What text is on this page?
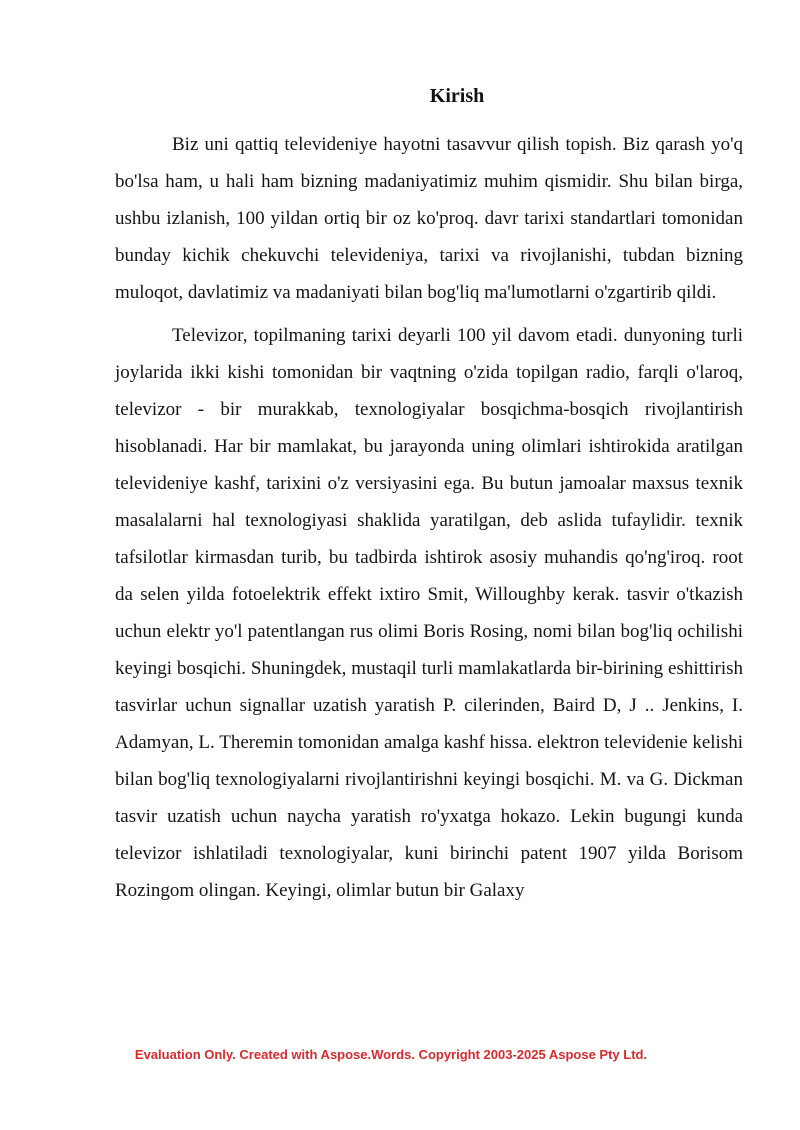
Kirish

Biz uni qattiq televideniye hayotni tasavvur qilish topish. Biz qarash yo'q bo'lsa ham, u hali ham bizning madaniyatimiz muhim qismidir. Shu bilan birga, ushbu izlanish, 100 yildan ortiq bir oz ko'proq. davr tarixi standartlari tomonidan bunday kichik chekuvchi televideniya, tarixi va rivojlanishi, tubdan bizning muloqot, davlatimiz va madaniyati bilan bog'liq ma'lumotlarni o'zgartirib qildi.

Televizor, topilmaning tarixi deyarli 100 yil davom etadi. dunyoning turli joylarida ikki kishi tomonidan bir vaqtning o'zida topilgan radio, farqli o'laroq, televizor - bir murakkab, texnologiyalar bosqichma-bosqich rivojlantirish hisoblanadi. Har bir mamlakat, bu jarayonda uning olimlari ishtirokida aratilgan televideniye kashf, tarixini o'z versiyasini ega. Bu butun jamoalar maxsus texnik masalalarni hal texnologiyasi shaklida yaratilgan, deb aslida tufaylidir. texnik tafsilotlar kirmasdan turib, bu tadbirda ishtirok asosiy muhandis qo'ng'iroq. root da selen yilda fotoelektrik effekt ixtiro Smit, Willoughby kerak. tasvir o'tkazish uchun elektr yo'l patentlangan rus olimi Boris Rosing, nomi bilan bog'liq ochilishi keyingi bosqichi. Shuningdek, mustaqil turli mamlakatlarda bir-birining eshittirish tasvirlar uchun signallar uzatish yaratish P. cilerinden, Baird D, J .. Jenkins, I. Adamyan, L. Theremin tomonidan amalga kashf hissa. elektron televidenie kelishi bilan bog'liq texnologiyalarni rivojlantirishni keyingi bosqichi. M. va G. Dickman tasvir uzatish uchun naycha yaratish ro'yxatga hokazo. Lekin bugungi kunda televizor ishlatiladi texnologiyalar, kuni birinchi patent 1907 yilda Borisom Rozingom olingan. Keyingi, olimlar butun bir Galaxy

Evaluation Only. Created with Aspose.Words. Copyright 2003-2025 Aspose Pty Ltd.
